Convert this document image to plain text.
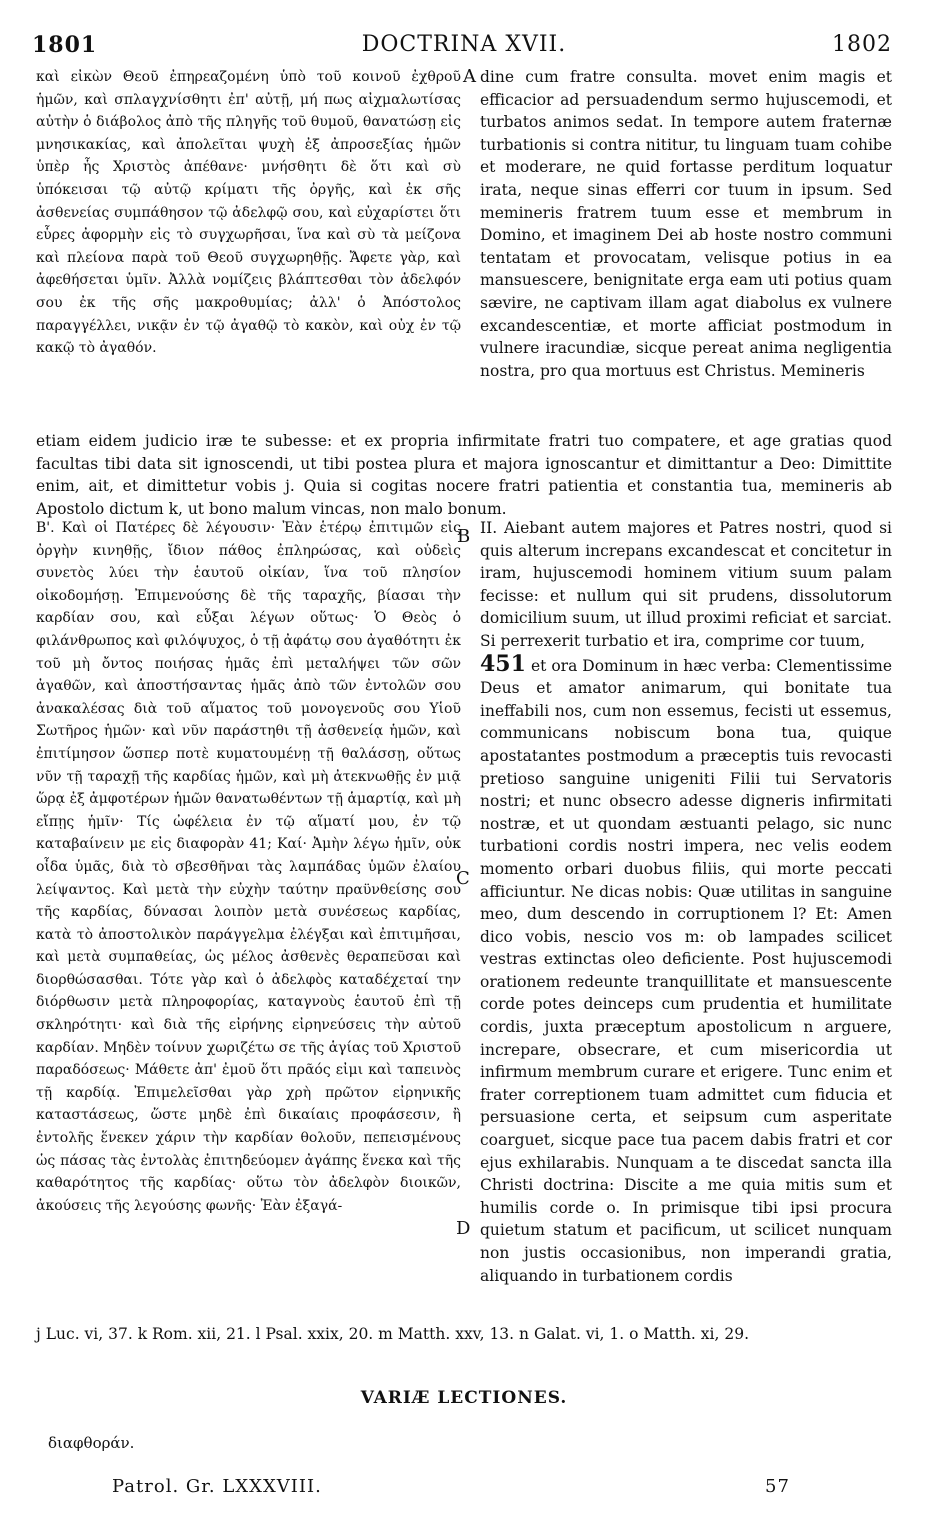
1801	DOCTRINA XVII.	1802
A
B
C
D

καὶ εἰκὼν Θεοῦ ἐπηρεαζομένη ὑπὸ τοῦ κοινοῦ ἐχθροῦ ἡμῶν, καὶ σπλαγχνίσθητι ἐπ' αὐτῇ, μή πως αἰχμαλωτίσας αὐτὴν ὁ διάβολος ἀπὸ τῆς πληγῆς τοῦ θυμοῦ, θανατώσῃ εἰς μνησικακίας, καὶ ἀπολεῖται ψυχὴ ἐξ ἀπροσεξίας ἡμῶν ὑπὲρ ἧς Χριστὸς ἀπέθανε· μνήσθητι δὲ ὅτι καὶ σὺ ὑπόκεισαι τῷ αὐτῷ κρίματι τῆς ὀργῆς, καὶ ἐκ σῆς ἀσθενείας συμπάθησον τῷ ἀδελφῷ σου, καὶ εὐχαρίστει ὅτι εὗρες ἀφορμὴν εἰς τὸ συγχωρῆσαι, ἵνα καὶ σὺ τὰ μείζονα καὶ πλείονα παρὰ τοῦ Θεοῦ συγχωρηθῇς. Ἄφετε γὰρ, καὶ ἀφεθήσεται ὑμῖν. Ἀλλὰ νομίζεις βλάπτεσθαι τὸν ἀδελφόν σου ἐκ τῆς σῆς μακροθυμίας; ἀλλ' ὁ Ἀπόστολος παραγγέλλει, νικᾷν ἐν τῷ ἀγαθῷ τὸ κακὸν, καὶ οὐχ ἐν τῷ κακῷ τὸ ἀγαθόν.

dine cum fratre consulta. movet enim magis et efficacior ad persuadendum sermo hujuscemodi, et turbatos animos sedat. In tempore autem fraternæ turbationis si contra nititur, tu linguam tuam cohibe et moderare, ne quid fortasse perditum loquatur irata, neque sinas efferri cor tuum in ipsum. Sed memineris fratrem tuum esse et membrum in Domino, et imaginem Dei ab hoste nostro communi tentatam et provocatam, velisque potius in ea mansuescere, benignitate erga eam uti potius quam sævire, ne captivam illam agat diabolus ex vulnere excandescentiæ, et morte afficiat postmodum in vulnere iracundiæ, sicque pereat anima negligentia nostra, pro qua mortuus est Christus. Memineris

etiam eidem judicio iræ te subesse: et ex propria infirmitate fratri tuo compatere, et age gratias quod facultas tibi data sit ignoscendi, ut tibi postea plura et majora ignoscantur et dimittantur a Deo: Dimittite enim, ait, et dimittetur vobis j. Quia si cogitas nocere fratri patientia et constantia tua, memineris ab Apostolo dictum k, ut bono malum vincas, non malo bonum.

Β'. Καὶ οἱ Πατέρες δὲ λέγουσιν· Ἐὰν ἑτέρῳ ἐπιτιμῶν εἰς ὀργὴν κινηθῇς, ἴδιον πάθος ἐπληρώσας, καὶ οὐδεὶς συνετὸς λύει τὴν ἑαυτοῦ οἰκίαν, ἵνα τοῦ πλησίον οἰκοδομήσῃ. Ἐπιμενούσης δὲ τῆς ταραχῆς, βίασαι τὴν καρδίαν σου, καὶ εὖξαι λέγων οὕτως· Ὁ Θεὸς ὁ φιλάνθρωπος καὶ φιλόψυχος, ὁ τῇ ἀφάτῳ σου ἀγαθότητι ἐκ τοῦ μὴ ὄντος ποιήσας ἡμᾶς ἐπὶ μεταλήψει τῶν σῶν ἀγαθῶν, καὶ ἀποστήσαντας ἡμᾶς ἀπὸ τῶν ἐντολῶν σου ἀνακαλέσας διὰ τοῦ αἵματος τοῦ μονογενοῦς σου Υἱοῦ Σωτῆρος ἡμῶν· καὶ νῦν παράστηθι τῇ ἀσθενείᾳ ἡμῶν, καὶ ἐπιτίμησον ὥσπερ ποτὲ κυματουμένῃ τῇ θαλάσσῃ, οὕτως νῦν τῇ ταραχῇ τῆς καρδίας ἡμῶν, καὶ μὴ ἀτεκνωθῇς ἐν μιᾷ ὥρᾳ ἐξ ἀμφοτέρων ἡμῶν θανατωθέντων τῇ ἁμαρτίᾳ, καὶ μὴ εἴπῃς ἡμῖν· Τίς ὠφέλεια ἐν τῷ αἵματί μου, ἐν τῷ καταβαίνειν με εἰς διαφορὰν 41; Καί· Ἀμὴν λέγω ἡμῖν, οὐκ οἶδα ὑμᾶς, διὰ τὸ σβεσθῆναι τὰς λαμπάδας ὑμῶν ἐλαίου λείψαντος. Καὶ μετὰ τὴν εὐχὴν ταύτην πραϋνθείσης σου τῆς καρδίας, δύνασαι λοιπὸν μετὰ συνέσεως καρδίας, κατὰ τὸ ἀποστολικὸν παράγγελμα ἐλέγξαι καὶ ἐπιτιμῆσαι, καὶ μετὰ συμπαθείας, ὡς μέλος ἀσθενὲς θεραπεῦσαι καὶ διορθώσασθαι. Τότε γὰρ καὶ ὁ ἀδελφὸς καταδέχεταί την διόρθωσιν μετὰ πληροφορίας, καταγνοὺς ἑαυτοῦ ἐπὶ τῇ σκληρότητι· καὶ διὰ τῆς εἰρήνης εἰρηνεύσεις τὴν αὐτοῦ καρδίαν. Μηδὲν τοίνυν χωριζέτω σε τῆς ἁγίας τοῦ Χριστοῦ παραδόσεως· Μάθετε ἀπ' ἐμοῦ ὅτι πρᾶός εἰμι καὶ ταπεινὸς τῇ καρδίᾳ. Ἐπιμελεῖσθαι γὰρ χρὴ πρῶτον εἰρηνικῆς καταστάσεως, ὥστε μηδὲ ἐπὶ δικαίαις προφάσεσιν, ἢ ἐντολῆς ἕνεκεν χάριν τὴν καρδίαν θολοῦν, πεπεισμένους ὡς πάσας τὰς ἐντολὰς ἐπιτηδεύομεν ἀγάπης ἕνεκα καὶ τῆς καθαρότητος τῆς καρδίας· οὕτω τὸν ἀδελφὸν διοικῶν, ἀκούσεις τῆς λεγούσης φωνῆς· Ἐὰν ἐξαγά-

II. Aiebant autem majores et Patres nostri, quod si quis alterum increpans excandescat et concitetur in iram, hujuscemodi hominem vitium suum palam fecisse: et nullum qui sit prudens, dissolutorum domicilium suum, ut illud proximi reficiat et sarciat. Si perrexerit turbatio et ira, comprime cor tuum,

451 et ora Dominum in hæc verba: Clementissime Deus et amator animarum, qui bonitate tua ineffabili nos, cum non essemus, fecisti ut essemus, communicans nobiscum bona tua, quique apostatantes postmodum a præceptis tuis revocasti pretioso sanguine unigeniti Filii tui Servatoris nostri; et nunc obsecro adesse digneris infirmitati nostræ, et ut quondam æstuanti pelago, sic nunc turbationi cordis nostri impera, nec velis eodem momento orbari duobus filiis, qui morte peccati afficiuntur. Ne dicas nobis: Quæ utilitas in sanguine meo, dum descendo in corruptionem l? Et: Amen dico vobis, nescio vos m: ob lampades scilicet vestras extinctas oleo deficiente. Post hujuscemodi orationem redeunte tranquillitate et mansuescente corde potes deinceps cum prudentia et humilitate cordis, juxta præceptum apostolicum n arguere, increpare, obsecrare, et cum misericordia ut infirmum membrum curare et erigere. Tunc enim et frater correptionem tuam admittet cum fiducia et persuasione certa, et seipsum cum asperitate coarguet, sicque pace tua pacem dabis fratri et cor ejus exhilarabis. Nunquam a te discedat sancta illa Christi doctrina: Discite a me quia mitis sum et humilis corde o. In primisque tibi ipsi procura quietum statum et pacificum, ut scilicet nunquam non justis occasionibus, non imperandi gratia, aliquando in turbationem cordis

j Luc. vi, 37. k Rom. xii, 21. l Psal. xxix, 20. m Matth. xxv, 13. n Galat. vi, 1. o Matth. xi, 29.
VARIÆ LECTIONES.
διαφθοράν.
Patrol. Gr. LXXXVIII.	57
